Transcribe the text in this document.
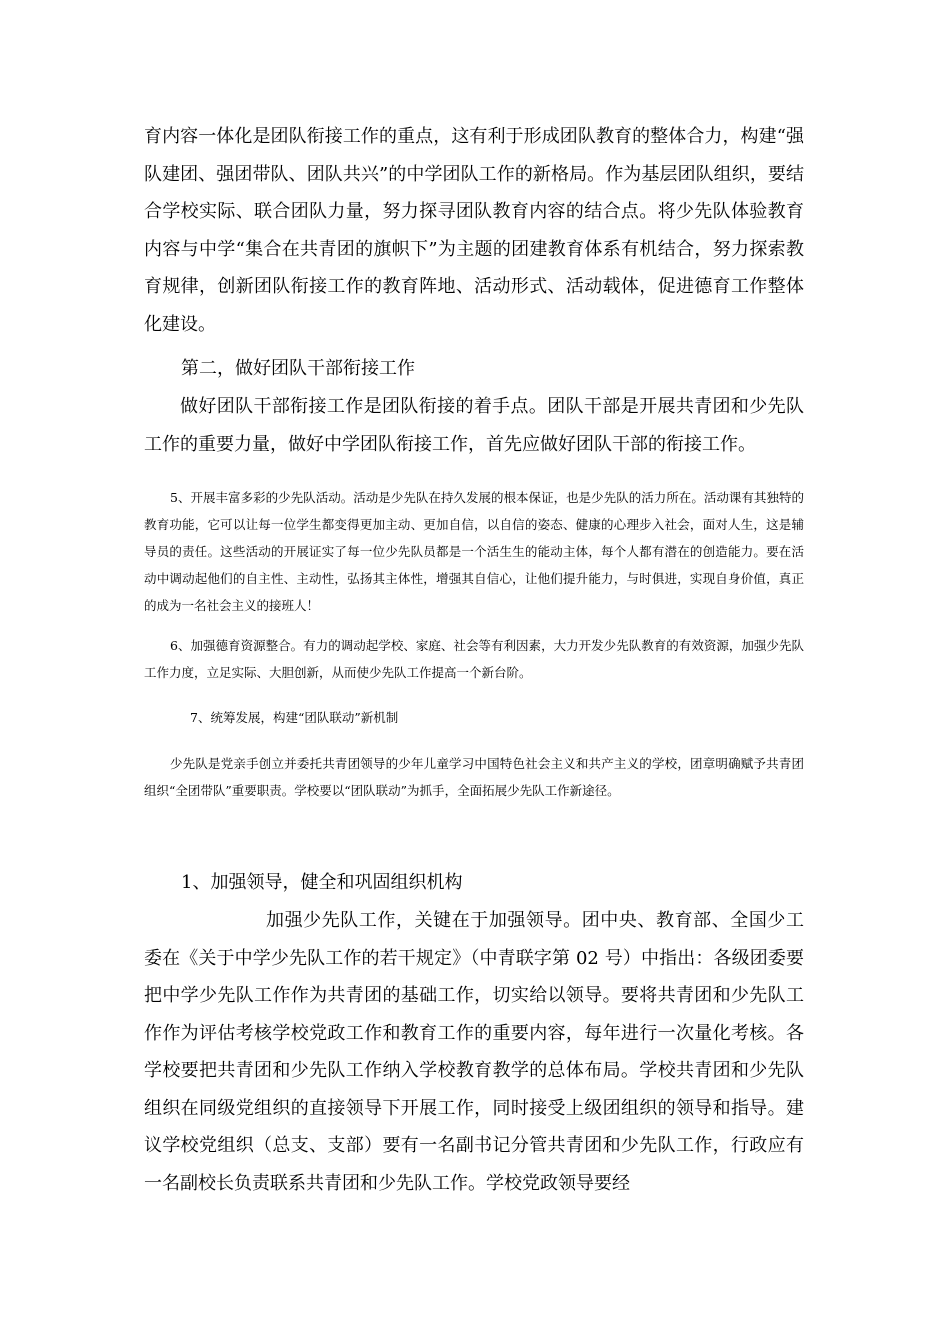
育内容一体化是团队衔接工作的重点，这有利于形成团队教育的整体合力，构建“强队建团、强团带队、团队共兴”的中学团队工作的新格局。作为基层团队组织，要结合学校实际、联合团队力量，努力探寻团队教育内容的结合点。将少先队体验教育内容与中学“集合在共青团的旗帜下”为主题的团建教育体系有机结合，努力探索教育规律，创新团队衔接工作的教育阵地、活动形式、活动载体，促进德育工作整体化建设。

第二，做好团队干部衔接工作

做好团队干部衔接工作是团队衔接的着手点。团队干部是开展共青团和少先队工作的重要力量，做好中学团队衔接工作，首先应做好团队干部的衔接工作。

5、开展丰富多彩的少先队活动。活动是少先队在持久发展的根本保证，也是少先队的活力所在。活动课有其独特的教育功能，它可以让每一位学生都变得更加主动、更加自信，以自信的姿态、健康的心理步入社会，面对人生，这是辅导员的责任。这些活动的开展证实了每一位少先队员都是一个活生生的能动主体，每个人都有潜在的创造能力。要在活动中调动起他们的自主性、主动性，弘扬其主体性，增强其自信心，让他们提升能力，与时俱进，实现自身价值，真正的成为一名社会主义的接班人！

6、加强德育资源整合。有力的调动起学校、家庭、社会等有利因素，大力开发少先队教育的有效资源，加强少先队工作力度，立足实际、大胆创新，从而使少先队工作提高一个新台阶。

7、统筹发展，构建“团队联动”新机制

少先队是党亲手创立并委托共青团领导的少年儿童学习中国特色社会主义和共产主义的学校，团章明确赋予共青团组织“全团带队”重要职责。学校要以“团队联动”为抓手，全面拓展少先队工作新途径。

1、加强领导，健全和巩固组织机构

加强少先队工作，关键在于加强领导。团中央、教育部、全国少工委在《关于中学少先队工作的若干规定》（中青联字第 02 号）中指出：各级团委要把中学少先队工作作为共青团的基础工作，切实给以领导。要将共青团和少先队工作作为评估考核学校党政工作和教育工作的重要内容，每年进行一次量化考核。各学校要把共青团和少先队工作纳入学校教育教学的总体布局。学校共青团和少先队组织在同级党组织的直接领导下开展工作，同时接受上级团组织的领导和指导。建议学校党组织（总支、支部）要有一名副书记分管共青团和少先队工作，行政应有一名副校长负责联系共青团和少先队工作。学校党政领导要经
